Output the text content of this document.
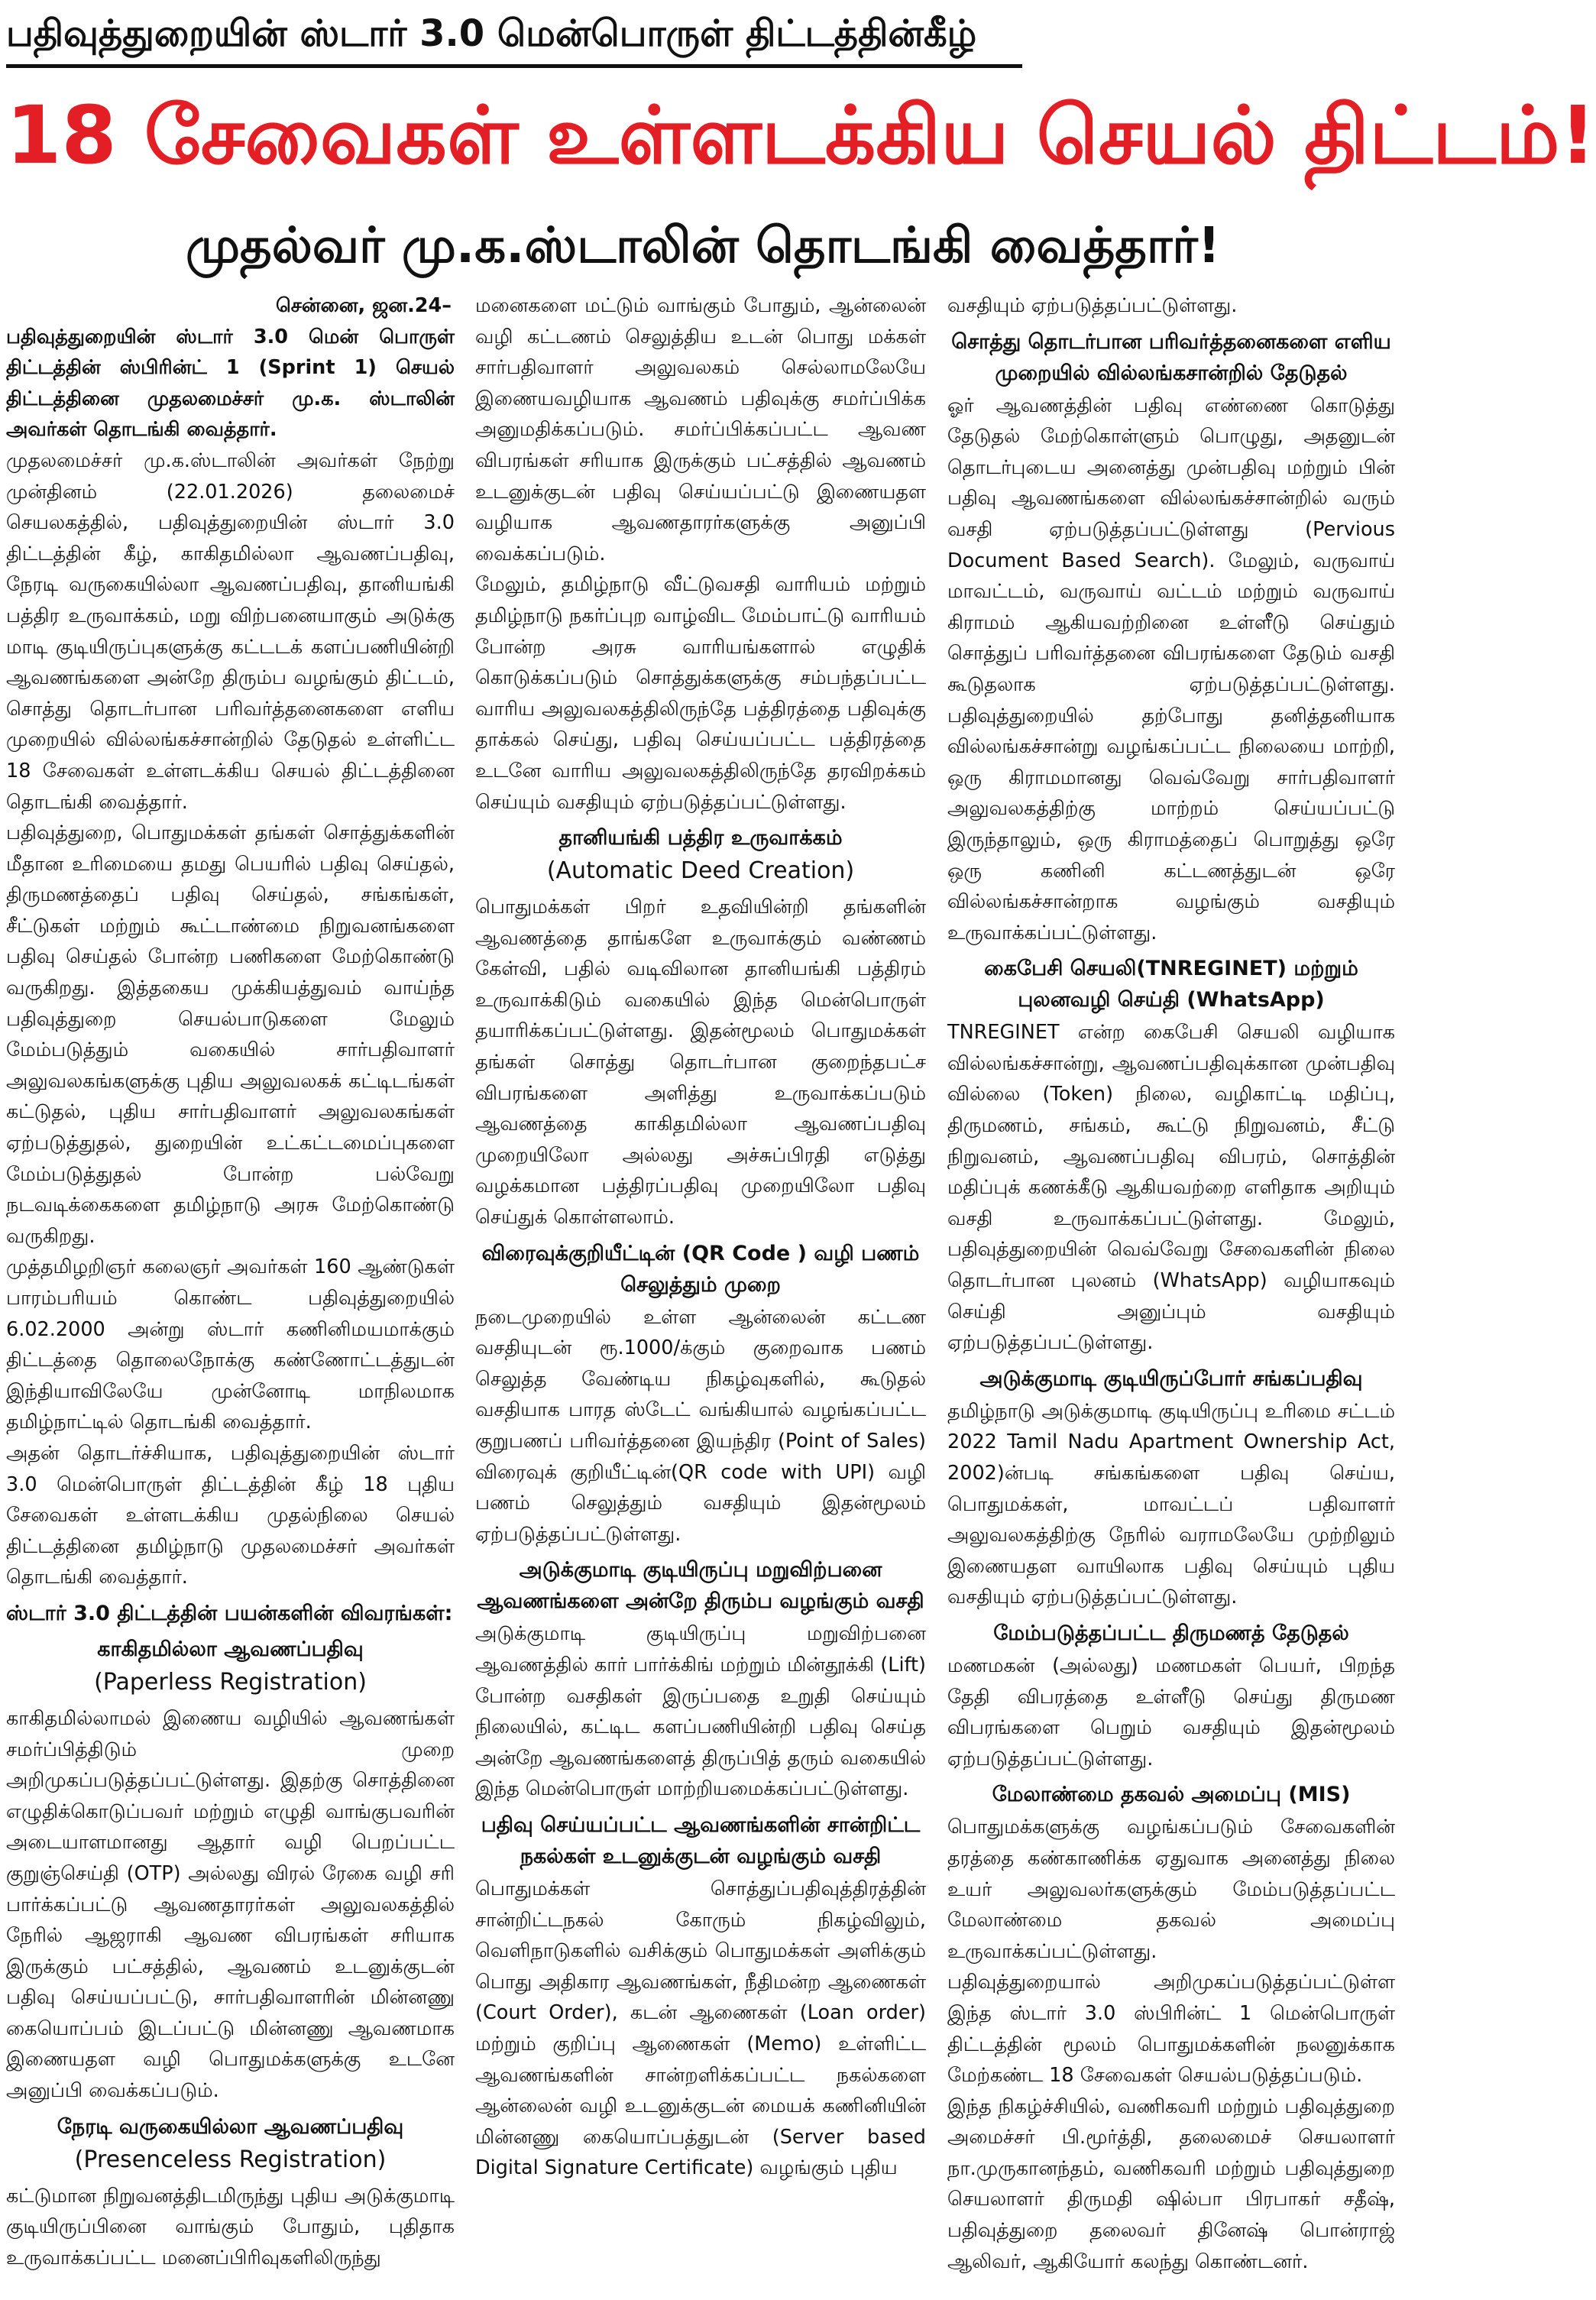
பதிவுத்துறையின் ஸ்டார் 3.0 மென்பொருள் திட்டத்தின்கீழ்
18 சேவைகள் உள்ளடக்கிய செயல் திட்டம்!
முதல்வர் மு.க.ஸ்டாலின் தொடங்கி வைத்தார்!

சென்னை, ஜன.24–

பதிவுத்துறையின் ஸ்டார் 3.0 மென் பொருள் திட்டத்தின் ஸ்பிரின்ட் 1 (Sprint 1) செயல் திட்டத்தினை முதலமைச்சர் மு.க. ஸ்டாலின் அவர்கள் தொடங்கி வைத்தார்.

முதலமைச்சர் மு.க.ஸ்டாலின் அவர்கள் நேற்று முன்தினம் (22.01.2026) தலைமைச் செயலகத்தில், பதிவுத்துறையின் ஸ்டார் 3.0 திட்டத்தின் கீழ், காகிதமில்லா ஆவணப்பதிவு, நேரடி வருகையில்லா ஆவணப்பதிவு, தானியங்கி பத்திர உருவாக்கம், மறு விற்பனையாகும் அடுக்கு மாடி குடியிருப்புகளுக்கு கட்டடக் களப்பணியின்றி ஆவணங்களை அன்றே திரும்ப வழங்கும் திட்டம், சொத்து தொடர்பான பரிவர்த்தனைகளை எளிய முறையில் வில்லங்கச்சான்றில் தேடுதல் உள்ளிட்ட 18 சேவைகள் உள்ளடக்கிய செயல் திட்டத்தினை தொடங்கி வைத்தார்.

பதிவுத்துறை, பொதுமக்கள் தங்கள் சொத்துக்களின் மீதான உரிமையை தமது பெயரில் பதிவு செய்தல், திருமணத்தைப் பதிவு செய்தல், சங்கங்கள், சீட்டுகள் மற்றும் கூட்டாண்மை நிறுவனங்களை பதிவு செய்தல் போன்ற பணிகளை மேற்கொண்டு வருகிறது. இத்தகைய முக்கியத்துவம் வாய்ந்த பதிவுத்துறை செயல்பாடுகளை மேலும் மேம்படுத்தும் வகையில் சார்பதிவாளர் அலுவலகங்களுக்கு புதிய அலுவலகக் கட்டிடங்கள் கட்டுதல், புதிய சார்பதிவாளர் அலுவலகங்கள் ஏற்படுத்துதல், துறையின் உட்கட்டமைப்புகளை மேம்படுத்துதல் போன்ற பல்வேறு நடவடிக்கைகளை தமிழ்நாடு அரசு மேற்கொண்டு வருகிறது.

முத்தமிழறிஞர் கலைஞர் அவர்கள் 160 ஆண்டுகள் பாரம்பரியம் கொண்ட பதிவுத்துறையில் 6.02.2000 அன்று ஸ்டார் கணினிமயமாக்கும் திட்டத்தை தொலைநோக்கு கண்ணோட்டத்துடன் இந்தியாவிலேயே முன்னோடி மாநிலமாக தமிழ்நாட்டில் தொடங்கி வைத்தார்.

அதன் தொடர்ச்சியாக, பதிவுத்துறையின் ஸ்டார் 3.0 மென்பொருள் திட்டத்தின் கீழ் 18 புதிய சேவைகள் உள்ளடக்கிய முதல்நிலை செயல் திட்டத்தினை தமிழ்நாடு முதலமைச்சர் அவர்கள் தொடங்கி வைத்தார்.

ஸ்டார் 3.0 திட்டத்தின் பயன்களின் விவரங்கள்:
காகிதமில்லா ஆவணப்பதிவு
(Paperless Registration)

காகிதமில்லாமல் இணைய வழியில் ஆவணங்கள் சமர்ப்பித்திடும் முறை அறிமுகப்படுத்தப்பட்டுள்ளது. இதற்கு சொத்தினை எழுதிக்கொடுப்பவர் மற்றும் எழுதி வாங்குபவரின் அடையாளமானது ஆதார் வழி பெறப்பட்ட குறுஞ்செய்தி (OTP) அல்லது விரல் ரேகை வழி சரி பார்க்கப்பட்டு ஆவணதாரர்கள் அலுவலகத்தில் நேரில் ஆஜராகி ஆவண விபரங்கள் சரியாக இருக்கும் பட்சத்தில், ஆவணம் உடனுக்குடன் பதிவு செய்யப்பட்டு, சார்பதிவாளரின் மின்னணு கையொப்பம் இடப்பட்டு மின்னணு ஆவணமாக இணையதள வழி பொதுமக்களுக்கு உடனே அனுப்பி வைக்கப்படும்.

நேரடி வருகையில்லா ஆவணப்பதிவு
(Presenceless Registration)

கட்டுமான நிறுவனத்திடமிருந்து புதிய அடுக்குமாடி குடியிருப்பினை வாங்கும் போதும், புதிதாக உருவாக்கப்பட்ட மனைப்பிரிவுகளிலிருந்து

மனைகளை மட்டும் வாங்கும் போதும், ஆன்லைன் வழி கட்டணம் செலுத்திய உடன் பொது மக்கள் சார்பதிவாளர் அலுவலகம் செல்லாமலேயே இணையவழியாக ஆவணம் பதிவுக்கு சமர்ப்பிக்க அனுமதிக்கப்படும். சமர்ப்பிக்கப்பட்ட ஆவண விபரங்கள் சரியாக இருக்கும் பட்சத்தில் ஆவணம் உடனுக்குடன் பதிவு செய்யப்பட்டு இணையதள வழியாக ஆவணதாரர்களுக்கு அனுப்பி வைக்கப்படும்.

மேலும், தமிழ்நாடு வீட்டுவசதி வாரியம் மற்றும் தமிழ்நாடு நகர்ப்புற வாழ்விட மேம்பாட்டு வாரியம் போன்ற அரசு வாரியங்களால் எழுதிக் கொடுக்கப்படும் சொத்துக்களுக்கு சம்பந்தப்பட்ட வாரிய அலுவலகத்திலிருந்தே பத்திரத்தை பதிவுக்கு தாக்கல் செய்து, பதிவு செய்யப்பட்ட பத்திரத்தை உடனே வாரிய அலுவலகத்திலிருந்தே தரவிறக்கம் செய்யும் வசதியும் ஏற்படுத்தப்பட்டுள்ளது.

தானியங்கி பத்திர உருவாக்கம்
(Automatic Deed Creation)

பொதுமக்கள் பிறர் உதவியின்றி தங்களின் ஆவணத்தை தாங்களே உருவாக்கும் வண்ணம் கேள்வி, பதில் வடிவிலான தானியங்கி பத்திரம் உருவாக்கிடும் வகையில் இந்த மென்பொருள் தயாரிக்கப்பட்டுள்ளது. இதன்மூலம் பொதுமக்கள் தங்கள் சொத்து தொடர்பான குறைந்தபட்ச விபரங்களை அளித்து உருவாக்கப்படும் ஆவணத்தை காகிதமில்லா ஆவணப்பதிவு முறையிலோ அல்லது அச்சுப்பிரதி எடுத்து வழக்கமான பத்திரப்பதிவு முறையிலோ பதிவு செய்துக் கொள்ளலாம்.

விரைவுக்குறியீட்டின் (QR Code ) வழி பணம் செலுத்தும் முறை

நடைமுறையில் உள்ள ஆன்லைன் கட்டண வசதியுடன் ரூ.1000/க்கும் குறைவாக பணம் செலுத்த வேண்டிய நிகழ்வுகளில், கூடுதல் வசதியாக பாரத ஸ்டேட் வங்கியால் வழங்கப்பட்ட குறுபணப் பரிவர்த்தனை இயந்திர (Point of Sales) விரைவுக் குறியீட்டின்(QR code with UPI) வழி பணம் செலுத்தும் வசதியும் இதன்மூலம் ஏற்படுத்தப்பட்டுள்ளது.

அடுக்குமாடி குடியிருப்பு மறுவிற்பனை ஆவணங்களை அன்றே திரும்ப வழங்கும் வசதி

அடுக்குமாடி குடியிருப்பு மறுவிற்பனை ஆவணத்தில் கார் பார்க்கிங் மற்றும் மின்தூக்கி (Lift) போன்ற வசதிகள் இருப்பதை உறுதி செய்யும் நிலையில், கட்டிட களப்பணியின்றி பதிவு செய்த அன்றே ஆவணங்களைத் திருப்பித் தரும் வகையில் இந்த மென்பொருள் மாற்றியமைக்கப்பட்டுள்ளது.

பதிவு செய்யப்பட்ட ஆவணங்களின் சான்றிட்ட நகல்கள் உடனுக்குடன் வழங்கும் வசதி

பொதுமக்கள் சொத்துப்பதிவுத்திரத்தின் சான்றிட்டநகல் கோரும் நிகழ்விலும், வெளிநாடுகளில் வசிக்கும் பொதுமக்கள் அளிக்கும் பொது அதிகார ஆவணங்கள், நீதிமன்ற ஆணைகள் (Court Order), கடன் ஆணைகள் (Loan order) மற்றும் குறிப்பு ஆணைகள் (Memo) உள்ளிட்ட ஆவணங்களின் சான்றளிக்கப்பட்ட நகல்களை ஆன்லைன் வழி உடனுக்குடன் மையக் கணினியின் மின்னணு கையொப்பத்துடன் (Server based Digital Signature Certificate) வழங்கும் புதிய

வசதியும் ஏற்படுத்தப்பட்டுள்ளது.

சொத்து தொடர்பான பரிவர்த்தனைகளை எளிய முறையில் வில்லங்கசான்றில் தேடுதல்

ஓர் ஆவணத்தின் பதிவு எண்ணை கொடுத்து தேடுதல் மேற்கொள்ளும் பொழுது, அதனுடன் தொடர்புடைய அனைத்து முன்பதிவு மற்றும் பின் பதிவு ஆவணங்களை வில்லங்கச்சான்றில் வரும் வசதி ஏற்படுத்தப்பட்டுள்ளது (Pervious Document Based Search). மேலும், வருவாய் மாவட்டம், வருவாய் வட்டம் மற்றும் வருவாய் கிராமம் ஆகியவற்றினை உள்ளீடு செய்தும் சொத்துப் பரிவர்த்தனை விபரங்களை தேடும் வசதி கூடுதலாக ஏற்படுத்தப்பட்டுள்ளது. பதிவுத்துறையில் தற்போது தனித்தனியாக வில்லங்கச்சான்று வழங்கப்பட்ட நிலையை மாற்றி, ஒரு கிராமமானது வெவ்வேறு சார்பதிவாளர் அலுவலகத்திற்கு மாற்றம் செய்யப்பட்டு இருந்தாலும், ஒரு கிராமத்தைப் பொறுத்து ஒரே ஒரு கணினி கட்டணத்துடன் ஒரே வில்லங்கச்சான்றாக வழங்கும் வசதியும் உருவாக்கப்பட்டுள்ளது.

கைபேசி செயலி(TNREGINET) மற்றும் புலனவழி செய்தி (WhatsApp)

TNREGINET என்ற கைபேசி செயலி வழியாக வில்லங்கச்சான்று, ஆவணப்பதிவுக்கான முன்பதிவு வில்லை (Token) நிலை, வழிகாட்டி மதிப்பு, திருமணம், சங்கம், கூட்டு நிறுவனம், சீட்டு நிறுவனம், ஆவணப்பதிவு விபரம், சொத்தின் மதிப்புக் கணக்கீடு ஆகியவற்றை எளிதாக அறியும் வசதி உருவாக்கப்பட்டுள்ளது. மேலும், பதிவுத்துறையின் வெவ்வேறு சேவைகளின் நிலை தொடர்பான புலனம் (WhatsApp) வழியாகவும் செய்தி அனுப்பும் வசதியும் ஏற்படுத்தப்பட்டுள்ளது.

அடுக்குமாடி குடியிருப்போர் சங்கப்பதிவு

தமிழ்நாடு அடுக்குமாடி குடியிருப்பு உரிமை சட்டம் 2022 Tamil Nadu Apartment Ownership Act, 2002)ன்படி சங்கங்களை பதிவு செய்ய, பொதுமக்கள், மாவட்டப் பதிவாளர் அலுவலகத்திற்கு நேரில் வராமலேயே முற்றிலும் இணையதள வாயிலாக பதிவு செய்யும் புதிய வசதியும் ஏற்படுத்தப்பட்டுள்ளது.

மேம்படுத்தப்பட்ட திருமணத் தேடுதல்

மணமகன் (அல்லது) மணமகள் பெயர், பிறந்த தேதி விபரத்தை உள்ளீடு செய்து திருமண விபரங்களை பெறும் வசதியும் இதன்மூலம் ஏற்படுத்தப்பட்டுள்ளது.

மேலாண்மை தகவல் அமைப்பு (MIS)

பொதுமக்களுக்கு வழங்கப்படும் சேவைகளின் தரத்தை கண்காணிக்க ஏதுவாக அனைத்து நிலை உயர் அலுவலர்களுக்கும் மேம்படுத்தப்பட்ட மேலாண்மை தகவல் அமைப்பு உருவாக்கப்பட்டுள்ளது.

பதிவுத்துறையால் அறிமுகப்படுத்தப்பட்டுள்ள இந்த ஸ்டார் 3.0 ஸ்பிரின்ட் 1 மென்பொருள் திட்டத்தின் மூலம் பொதுமக்களின் நலனுக்காக மேற்கண்ட 18 சேவைகள் செயல்படுத்தப்படும்.

இந்த நிகழ்ச்சியில், வணிகவரி மற்றும் பதிவுத்துறை அமைச்சர் பி.மூர்த்தி, தலைமைச் செயலாளர் நா.முருகானந்தம், வணிகவரி மற்றும் பதிவுத்துறை செயலாளர் திருமதி ஷில்பா பிரபாகர் சதீஷ், பதிவுத்துறை தலைவர் தினேஷ் பொன்ராஜ் ஆலிவர், ஆகியோர் கலந்து கொண்டனர்.
